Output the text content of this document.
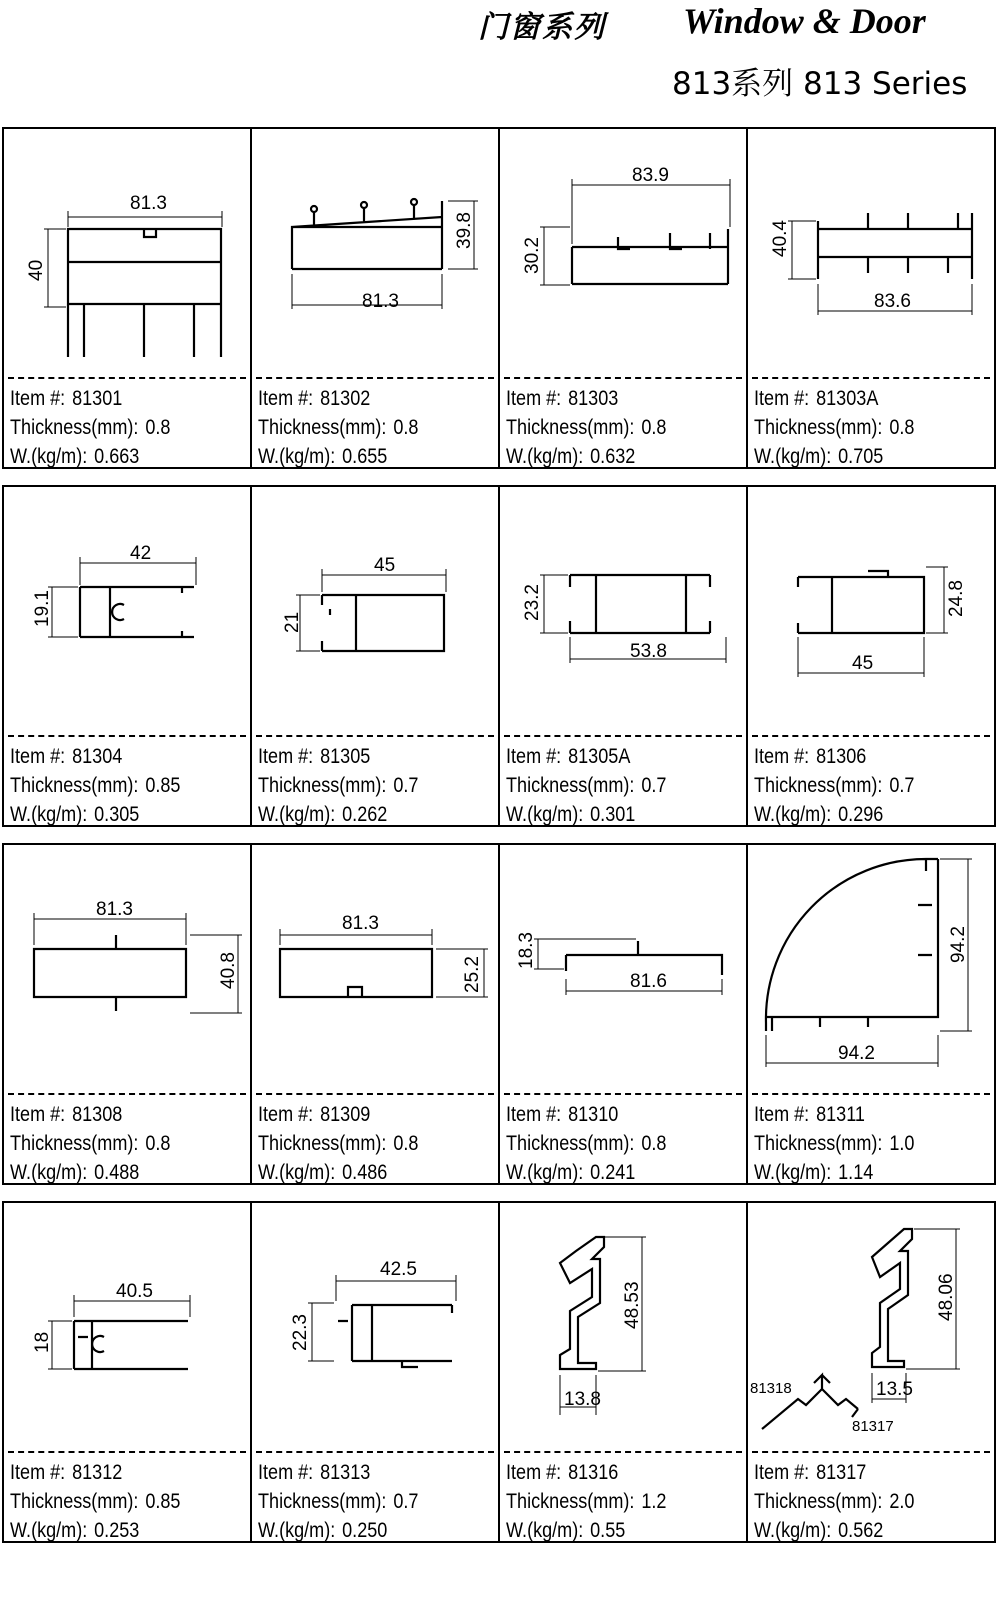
门窗系列 Window & Door
813系列 813 Series
81.3
40
Item #: 81301
Thickness(mm): 0.8
W.(kg/m): 0.663
39.8
81.3
Item #: 81302
Thickness(mm): 0.8
W.(kg/m): 0.655
83.9
30.2
Item #: 81303
Thickness(mm): 0.8
W.(kg/m): 0.632
40.4
83.6
Item #: 81303A
Thickness(mm): 0.8
W.(kg/m): 0.705
42
19.1
Item #: 81304
Thickness(mm): 0.85
W.(kg/m): 0.305
45
21
Item #: 81305
Thickness(mm): 0.7
W.(kg/m): 0.262
23.2
53.8
Item #: 81305A
Thickness(mm): 0.7
W.(kg/m): 0.301
24.8
45
Item #: 81306
Thickness(mm): 0.7
W.(kg/m): 0.296
81.3
40.8
Item #: 81308
Thickness(mm): 0.8
W.(kg/m): 0.488
81.3
25.2
Item #: 81309
Thickness(mm): 0.8
W.(kg/m): 0.486
18.3
81.6
Item #: 81310
Thickness(mm): 0.8
W.(kg/m): 0.241
94.2
94.2
Item #: 81311
Thickness(mm): 1.0
W.(kg/m): 1.14
40.5
18
Item #: 81312
Thickness(mm): 0.85
W.(kg/m): 0.253
42.5
22.3
Item #: 81313
Thickness(mm): 0.7
W.(kg/m): 0.250
48.53
13.8
Item #: 81316
Thickness(mm): 1.2
W.(kg/m): 0.55
48.06
13.5
81318
81317
Item #: 81317
Thickness(mm): 2.0
W.(kg/m): 0.562
